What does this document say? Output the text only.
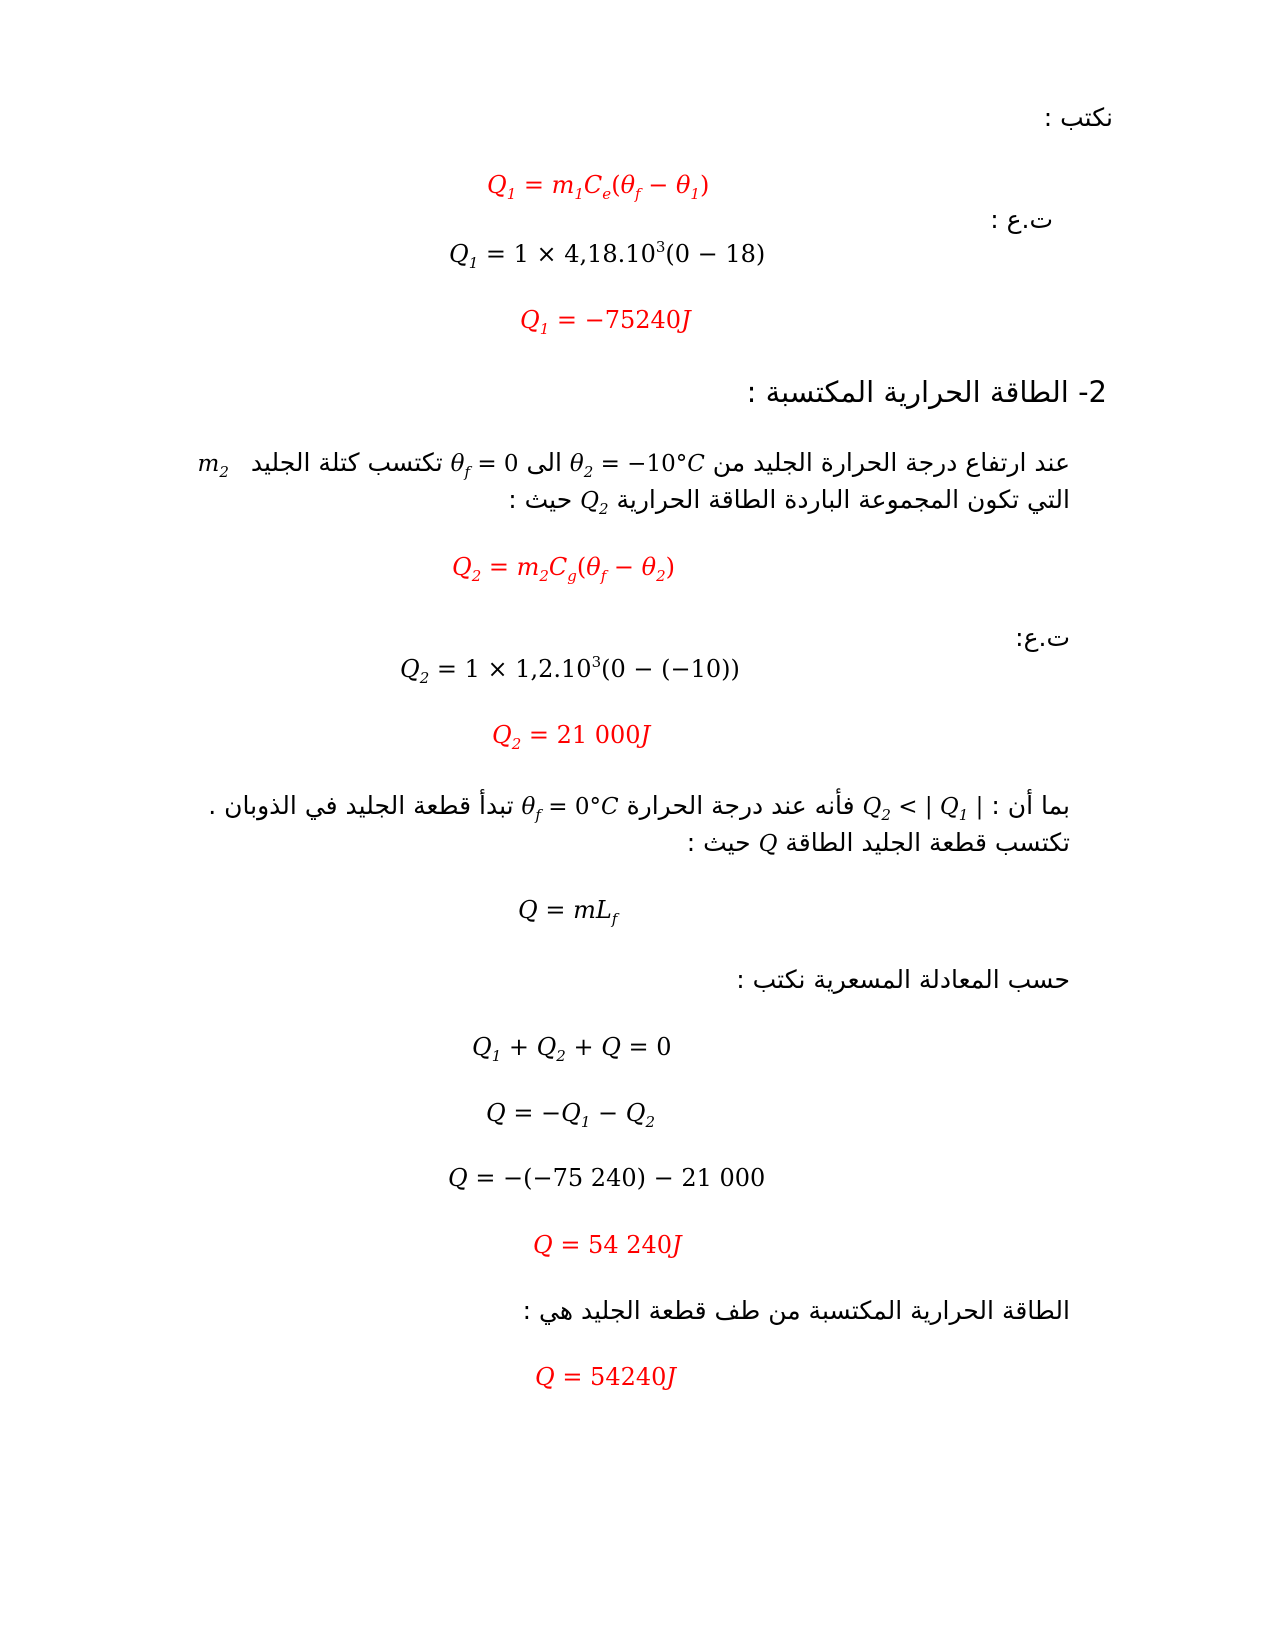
نكتب :
$Q_1 = m_1C_e(\theta_f - \theta_1)$
ت.ع :
$Q_1 = 1 \times 4,18.10^3(0 - 18)$
$Q_1 = -75240J$
2- الطاقة الحرارية المكتسبة :
عند ارتفاع درجة الحرارة الجليد من $\theta_2 = -10^\circ C$ الى $\theta_f = 0$ تكتسب كتلة الجليد $m_2$
التي تكون المجموعة الباردة الطاقة الحرارية $Q_2$ حيث :
$Q_2 = m_2C_g(\theta_f - \theta_2)$
ت.ع:
$Q_2 = 1 \times 1,2.10^3(0 - (-10))$
$Q_2 = 21$ 000J
بما أن : $Q_2$ < | $Q_1$ | فأنه عند درجة الحرارة $\theta_f = 0^\circ C$ تبدأ قطعة الجليد في الذوبان .
تكتسب قطعة الجليد الطاقة Q حيث :
$Q = mL_f$
حسب المعادلة المسعرية نكتب :
$Q_1 + Q_2 + Q = 0$
$Q = -Q_1 - Q_2$
Q = −(−75 240) − 21 000
Q = 54 240J
الطاقة الحرارية المكتسبة من طف قطعة الجليد هي :
Q = 54240J
